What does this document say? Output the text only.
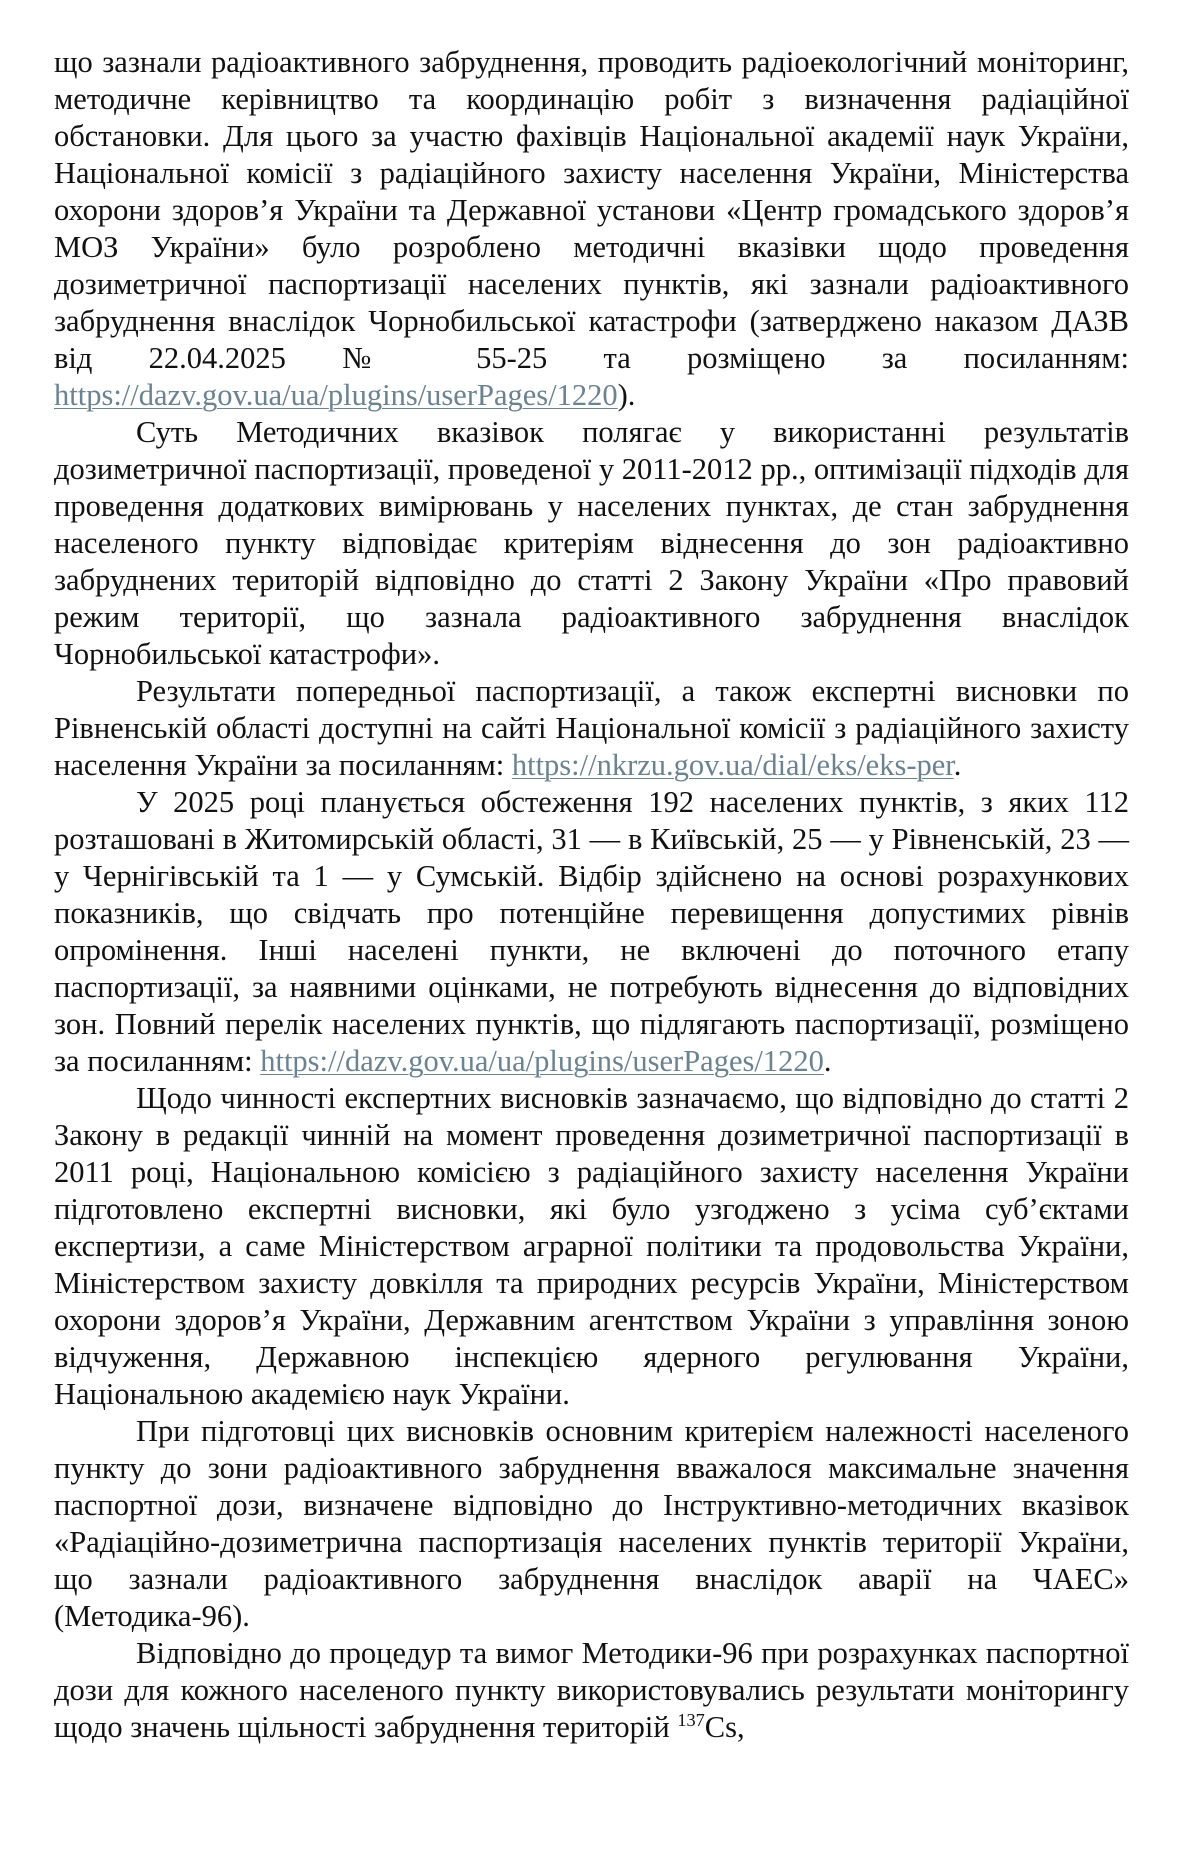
що зазнали радіоактивного забруднення, проводить радіоекологічний моніторинг, методичне керівництво та координацію робіт з визначення радіаційної обстановки. Для цього за участю фахівців Національної академії наук України, Національної комісії з радіаційного захисту населення України, Міністерства охорони здоров’я України та Державної установи «Центр громадського здоров’я МОЗ України» було розроблено методичні вказівки щодо проведення дозиметричної паспортизації населених пунктів, які зазнали радіоактивного забруднення внаслідок Чорнобильської катастрофи (затверджено наказом ДАЗВ від 22.04.2025 № 55-25 та розміщено за посиланням: https://dazv.gov.ua/ua/plugins/userPages/1220).

Суть Методичних вказівок полягає у використанні результатів дозиметричної паспортизації, проведеної у 2011-2012 рр., оптимізації підходів для проведення додаткових вимірювань у населених пунктах, де стан забруднення населеного пункту відповідає критеріям віднесення до зон радіоактивно забруднених територій відповідно до статті 2 Закону України «Про правовий режим території, що зазнала радіоактивного забруднення внаслідок Чорнобильської катастрофи».

Результати попередньої паспортизації, а також експертні висновки по Рівненській області доступні на сайті Національної комісії з радіаційного захисту населення України за посиланням: https://nkrzu.gov.ua/dial/eks/eks-per.

У 2025 році планується обстеження 192 населених пунктів, з яких 112 розташовані в Житомирській області, 31 — в Київській, 25 — у Рівненській, 23 — у Чернігівській та 1 — у Сумській. Відбір здійснено на основі розрахункових показників, що свідчать про потенційне перевищення допустимих рівнів опромінення. Інші населені пункти, не включені до поточного етапу паспортизації, за наявними оцінками, не потребують віднесення до відповідних зон. Повний перелік населених пунктів, що підлягають паспортизації, розміщено за посиланням: https://dazv.gov.ua/ua/plugins/userPages/1220.

Щодо чинності експертних висновків зазначаємо, що відповідно до статті 2 Закону в редакції чинній на момент проведення дозиметричної паспортизації в 2011 році, Національною комісією з радіаційного захисту населення України підготовлено експертні висновки, які було узгоджено з усіма суб’єктами експертизи, а саме Міністерством аграрної політики та продовольства України, Міністерством захисту довкілля та природних ресурсів України, Міністерством охорони здоров’я України, Державним агентством України з управління зоною відчуження, Державною інспекцією ядерного регулювання України, Національною академією наук України.

При підготовці цих висновків основним критерієм належності населеного пункту до зони радіоактивного забруднення вважалося максимальне значення паспортної дози, визначене відповідно до Інструктивно-методичних вказівок «Радіаційно-дозиметрична паспортизація населених пунктів території України, що зазнали радіоактивного забруднення внаслідок аварії на ЧАЕС» (Методика-96).

Відповідно до процедур та вимог Методики-96 при розрахунках паспортної дози для кожного населеного пункту використовувались результати моніторингу щодо значень щільності забруднення територій $^{137}$Cs,
